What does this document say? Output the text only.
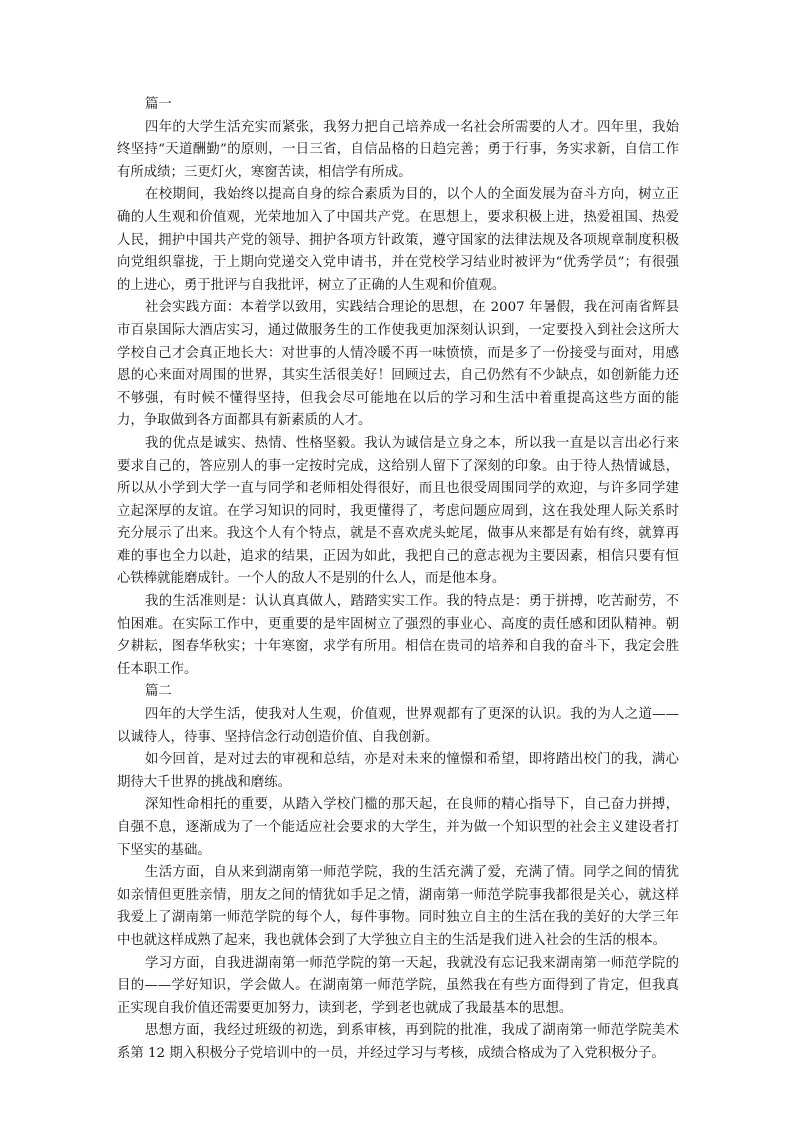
篇一

四年的大学生活充实而紧张，我努力把自己培养成一名社会所需要的人才。四年里，我始终坚持“天道酬勤”的原则，一日三省，自信品格的日趋完善；勇于行事，务实求新，自信工作有所成绩；三更灯火，寒窗苦读，相信学有所成。

在校期间，我始终以提高自身的综合素质为目的，以个人的全面发展为奋斗方向，树立正确的人生观和价值观，光荣地加入了中国共产党。在思想上，要求积极上进，热爱祖国、热爱人民，拥护中国共产党的领导、拥护各项方针政策，遵守国家的法律法规及各项规章制度积极向党组织靠拢，于上期向党递交入党申请书，并在党校学习结业时被评为“优秀学员”；有很强的上进心，勇于批评与自我批评，树立了正确的人生观和价值观。

社会实践方面：本着学以致用，实践结合理论的思想，在 2007 年暑假，我在河南省辉县市百泉国际大酒店实习，通过做服务生的工作使我更加深刻认识到，一定要投入到社会这所大学校自己才会真正地长大：对世事的人情冷暖不再一味愤愤，而是多了一份接受与面对，用感恩的心来面对周围的世界，其实生活很美好！回顾过去，自己仍然有不少缺点，如创新能力还不够强，有时候不懂得坚持，但我会尽可能地在以后的学习和生活中着重提高这些方面的能力，争取做到各方面都具有新素质的人才。

我的优点是诚实、热情、性格坚毅。我认为诚信是立身之本，所以我一直是以言出必行来要求自己的，答应别人的事一定按时完成，这给别人留下了深刻的印象。由于待人热情诚恳，所以从小学到大学一直与同学和老师相处得很好，而且也很受周围同学的欢迎，与许多同学建立起深厚的友谊。在学习知识的同时，我更懂得了，考虑问题应周到，这在我处理人际关系时充分展示了出来。我这个人有个特点，就是不喜欢虎头蛇尾，做事从来都是有始有终，就算再难的事也全力以赴，追求的结果，正因为如此，我把自己的意志视为主要因素，相信只要有恒心铁棒就能磨成针。一个人的敌人不是别的什么人，而是他本身。

我的生活准则是：认认真真做人，踏踏实实工作。我的特点是：勇于拼搏，吃苦耐劳，不怕困难。在实际工作中，更重要的是牢固树立了强烈的事业心、高度的责任感和团队精神。朝夕耕耘，图春华秋实；十年寒窗，求学有所用。相信在贵司的培养和自我的奋斗下，我定会胜任本职工作。

篇二

四年的大学生活，使我对人生观，价值观，世界观都有了更深的认识。我的为人之道——以诚待人，待事、坚持信念行动创造价值、自我创新。

如今回首，是对过去的审视和总结，亦是对未来的憧憬和希望，即将踏出校门的我，满心期待大千世界的挑战和磨练。

深知性命相托的重要，从踏入学校门槛的那天起，在良师的精心指导下，自己奋力拼搏，自强不息，逐渐成为了一个能适应社会要求的大学生，并为做一个知识型的社会主义建设者打下坚实的基础。

生活方面，自从来到湖南第一师范学院，我的生活充满了爱，充满了情。同学之间的情犹如亲情但更胜亲情，朋友之间的情犹如手足之情，湖南第一师范学院事我都很是关心，就这样我爱上了湖南第一师范学院的每个人，每件事物。同时独立自主的生活在我的美好的大学三年中也就这样成熟了起来，我也就体会到了大学独立自主的生活是我们进入社会的生活的根本。

学习方面，自我进湖南第一师范学院的第一天起，我就没有忘记我来湖南第一师范学院的目的——学好知识，学会做人。在湖南第一师范学院，虽然我在有些方面得到了肯定，但我真正实现自我价值还需要更加努力，读到老，学到老也就成了我最基本的思想。

思想方面，我经过班级的初选，到系审核，再到院的批准，我成了湖南第一师范学院美术系第 12 期入积极分子党培训中的一员，并经过学习与考核，成绩合格成为了入党积极分子。
